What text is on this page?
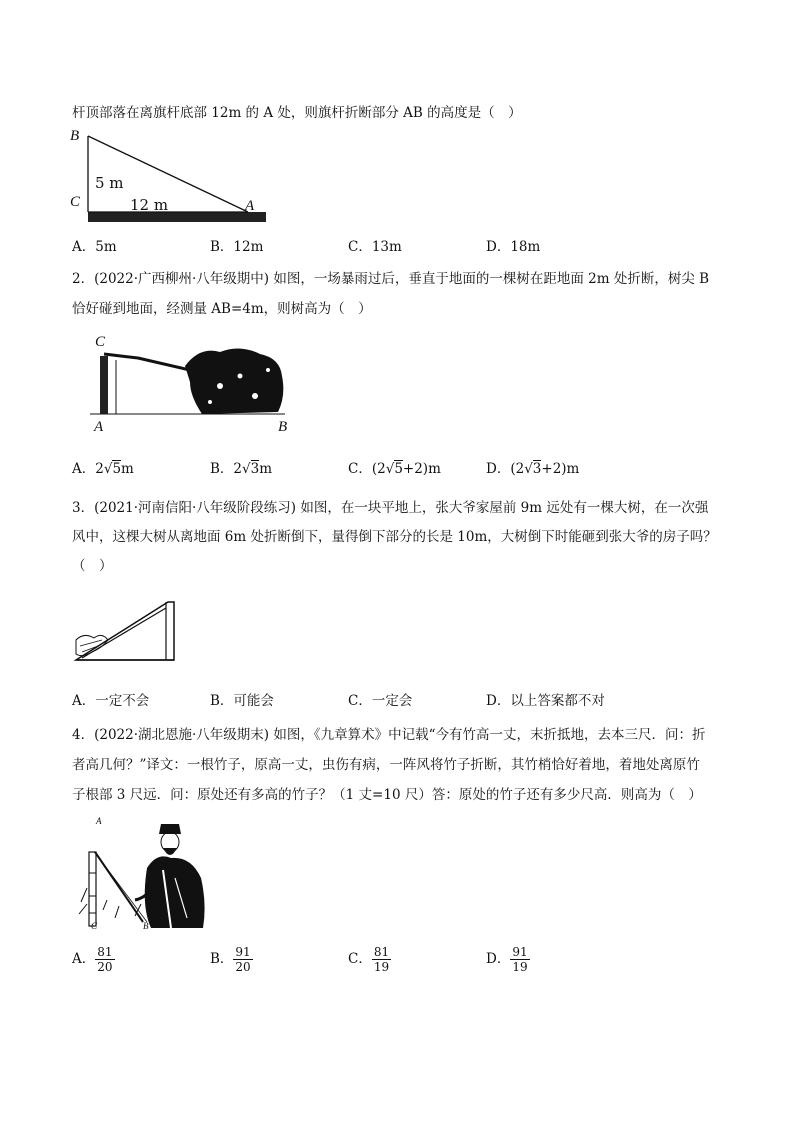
杆顶部落在离旗杆底部 12m 的 A 处，则旗杆折断部分 AB 的高度是（　）
B
C	A
5 m
12 m
A．5m	B．12m	C．13m	D．18m
2．(2022·广西柳州·八年级期中) 如图，一场暴雨过后，垂直于地面的一棵树在距地面 2m 处折断，树尖 B
恰好碰到地面，经测量 AB=4m，则树高为（　）
C
A	B
A．2√5m	B．2√3m	C．(2√5+2)m	D．(2√3+2)m
3．(2021·河南信阳·八年级阶段练习) 如图，在一块平地上，张大爷家屋前 9m 远处有一棵大树，在一次强
风中，这棵大树从离地面 6m 处折断倒下，量得倒下部分的长是 10m，大树倒下时能砸到张大爷的房子吗？
（　）
A．一定不会	B．可能会	C．一定会	D．以上答案都不对
4．(2022·湖北恩施·八年级期末) 如图，《九章算术》中记载“今有竹高一丈，末折抵地，去本三尺．问：折
者高几何？”译文：一根竹子，原高一丈，虫伤有病，一阵风将竹子折断，其竹梢恰好着地，着地处离原竹
子根部 3 尺远．问：原处还有多高的竹子？（1 丈=10 尺）答：原处的竹子还有多少尺高．则高为（　）
A
C	B
A． $\frac{81}{20}$	B． $\frac{91}{20}$	C． $\frac{81}{19}$	D． $\frac{91}{19}$
